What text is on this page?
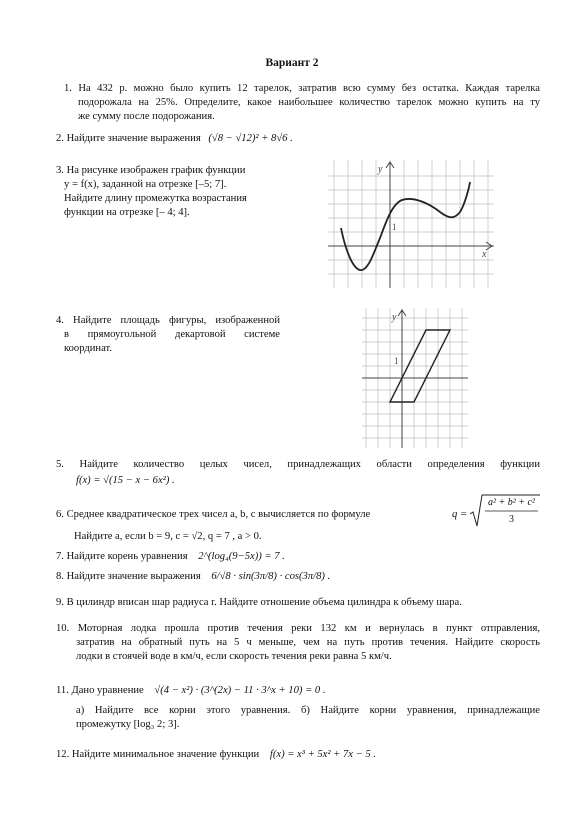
Вариант 2
1. На 432 р. можно было купить 12 тарелок, затратив всю сумму без остатка. Каждая тарелка
подорожала на 25%. Определите, какое наибольшее количество тарелок можно купить на ту
же сумму после подорожания.
2. Найдите значение выражения (√8 − √12)² + 8√6 .
3. На рисунке изображен график функции
y = f(x), заданной на отрезке [–5; 7].
Найдите длину промежутка возрастания
функции на отрезке [– 4; 4].
y
x
1
4. Найдите площадь фигуры, изображенной
в прямоугольной декартовой системе
координат.
y
1
5. Найдите количество целых чисел, принадлежащих области определения функции
f(x) = √(15 − x − 6x²) .
6. Среднее квадратическое трех чисел a, b, c вычисляется по формуле	q =
a² + b² + c²
3
Найдите a, если b = 9, c = √2, q = 7 , a > 0.
7. Найдите корень уравнения 2^(log₄(9−5x)) = 7 .
8. Найдите значение выражения 6/√8 · sin(3π/8) · cos(3π/8) .
9. В цилиндр вписан шар радиуса r. Найдите отношение объема цилиндра к объему шара.
10. Моторная лодка прошла против течения реки 132 км и вернулась в пункт отправления,
затратив на обратный путь на 5 ч меньше, чем на путь против течения. Найдите скорость
лодки в стоячей воде в км/ч, если скорость течения реки равна 5 км/ч.
11. Дано уравнение √(4 − x²) · (3^(2x) − 11 · 3^x + 10) = 0 .
а) Найдите все корни этого уравнения. б) Найдите корни уравнения, принадлежащие
промежутку [log₃ 2; 3].
12. Найдите минимальное значение функции f(x) = x³ + 5x² + 7x − 5 .
